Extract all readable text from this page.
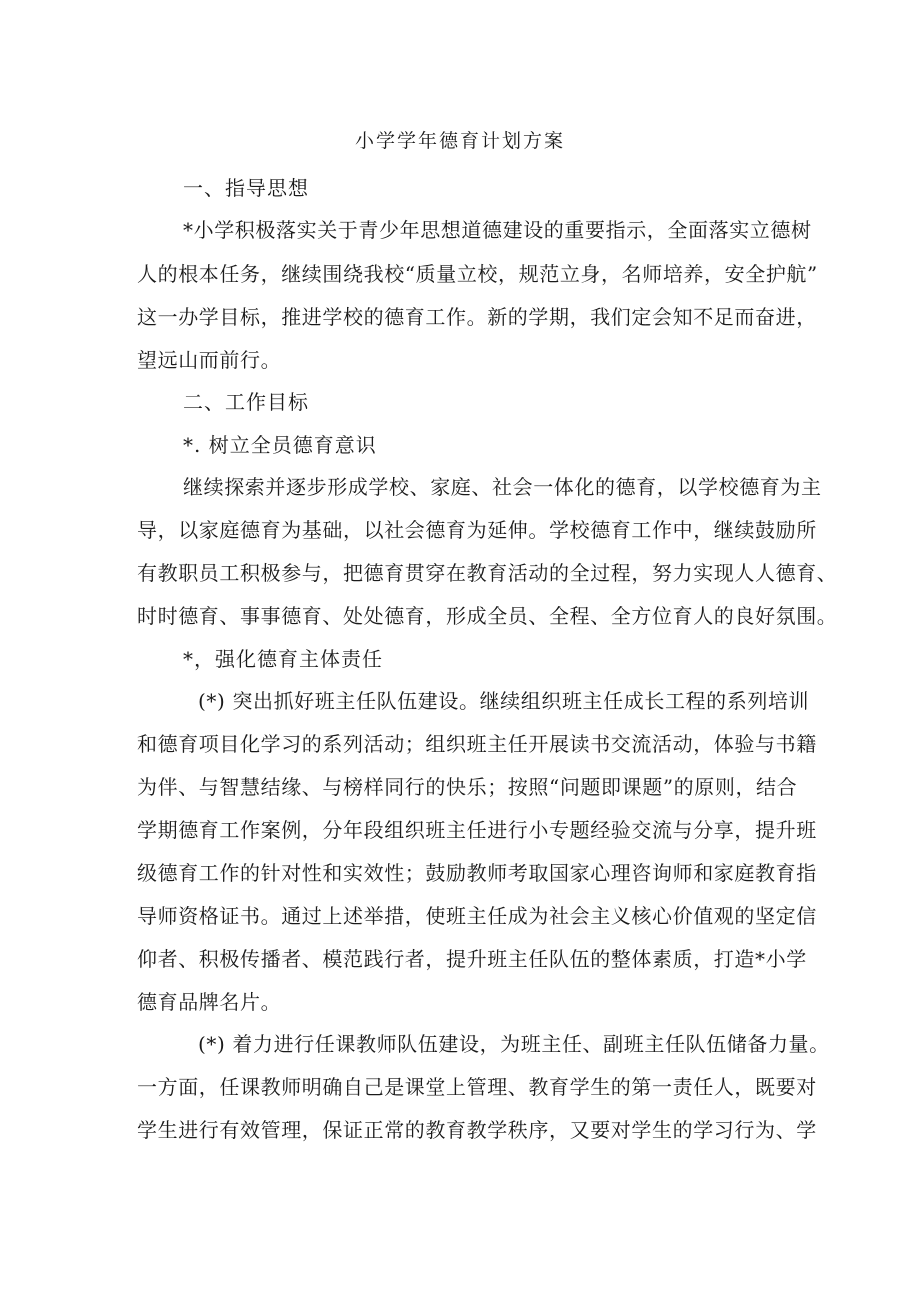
小学学年德育计划方案
一、指导思想
*小学积极落实关于青少年思想道德建设的重要指示，全面落实立德树
人的根本任务，继续围绕我校“质量立校，规范立身，名师培养，安全护航”
这一办学目标，推进学校的德育工作。新的学期，我们定会知不足而奋进，
望远山而前行。
二、工作目标
*. 树立全员德育意识
继续探索并逐步形成学校、家庭、社会一体化的德育，以学校德育为主
导，以家庭德育为基础，以社会德育为延伸。学校德育工作中，继续鼓励所
有教职员工积极参与，把德育贯穿在教育活动的全过程，努力实现人人德育、
时时德育、事事德育、处处德育，形成全员、全程、全方位育人的良好氛围。
*，强化德育主体责任
(*) 突出抓好班主任队伍建设。继续组织班主任成长工程的系列培训
和德育项目化学习的系列活动；组织班主任开展读书交流活动，体验与书籍
为伴、与智慧结缘、与榜样同行的快乐；按照“问题即课题”的原则，结合
学期德育工作案例，分年段组织班主任进行小专题经验交流与分享，提升班
级德育工作的针对性和实效性；鼓励教师考取国家心理咨询师和家庭教育指
导师资格证书。通过上述举措，使班主任成为社会主义核心价值观的坚定信
仰者、积极传播者、模范践行者，提升班主任队伍的整体素质，打造*小学
德育品牌名片。
(*) 着力进行任课教师队伍建设，为班主任、副班主任队伍储备力量。
一方面，任课教师明确自己是课堂上管理、教育学生的第一责任人，既要对
学生进行有效管理，保证正常的教育教学秩序，又要对学生的学习行为、学
